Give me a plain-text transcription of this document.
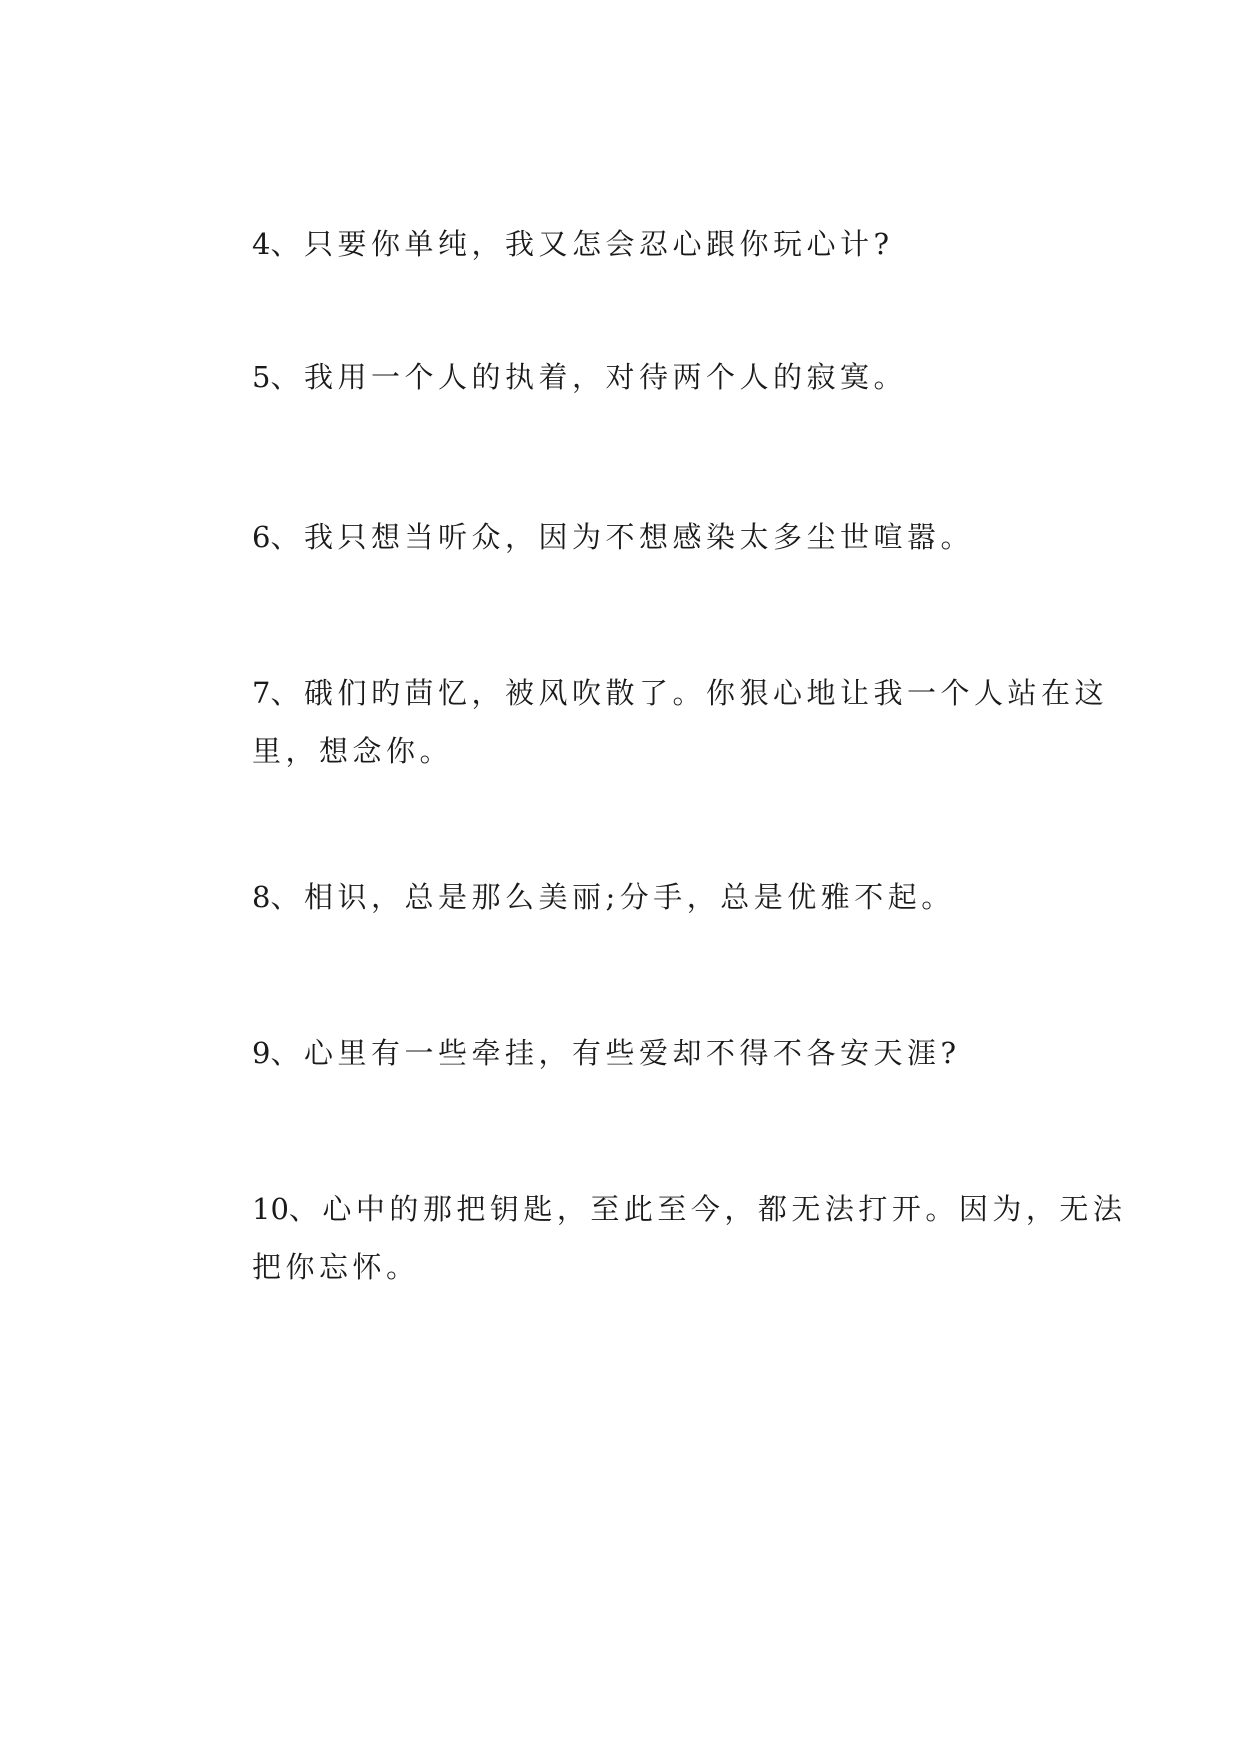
4、只要你单纯，我又怎会忍心跟你玩心计?

5、我用一个人的执着，对待两个人的寂寞。

6、我只想当听众，因为不想感染太多尘世喧嚣。

7、硪们旳茴忆，被风吹散了。你狠心地让我一个人站在这里，想念你。

8、相识，总是那么美丽;分手，总是优雅不起。

9、心里有一些牵挂，有些爱却不得不各安天涯?

10、心中的那把钥匙，至此至今，都无法打开。因为，无法把你忘怀。
